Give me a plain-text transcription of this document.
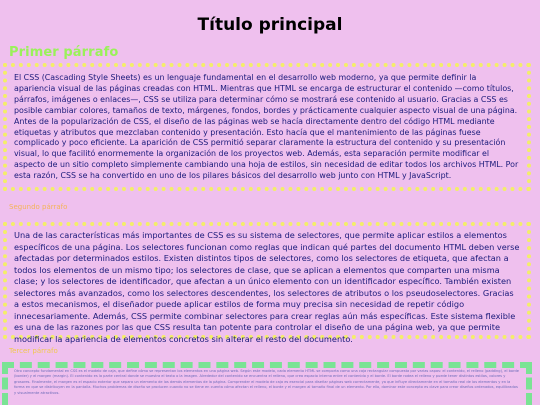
Título principal
Primer párrafo

El CSS (Cascading Style Sheets) es un lenguaje fundamental en el desarrollo web moderno, ya que permite definir la apariencia visual de las páginas creadas con HTML. Mientras que HTML se encarga de estructurar el contenido —como títulos, párrafos, imágenes o enlaces—, CSS se utiliza para determinar cómo se mostrará ese contenido al usuario. Gracias a CSS es posible cambiar colores, tamaños de texto, márgenes, fondos, bordes y prácticamente cualquier aspecto visual de una página. Antes de la popularización de CSS, el diseño de las páginas web se hacía directamente dentro del código HTML mediante etiquetas y atributos que mezclaban contenido y presentación. Esto hacía que el mantenimiento de las páginas fuese complicado y poco eficiente. La aparición de CSS permitió separar claramente la estructura del contenido y su presentación visual, lo que facilitó enormemente la organización de los proyectos web. Además, esta separación permite modificar el aspecto de un sitio completo simplemente cambiando una hoja de estilos, sin necesidad de editar todos los archivos HTML. Por esta razón, CSS se ha convertido en uno de los pilares básicos del desarrollo web junto con HTML y JavaScript.

Segundo párrafo

Una de las características más importantes de CSS es su sistema de selectores, que permite aplicar estilos a elementos específicos de una página. Los selectores funcionan como reglas que indican qué partes del documento HTML deben verse afectadas por determinados estilos. Existen distintos tipos de selectores, como los selectores de etiqueta, que afectan a todos los elementos de un mismo tipo; los selectores de clase, que se aplican a elementos que comparten una misma clase; y los selectores de identificador, que afectan a un único elemento con un identificador específico. También existen selectores más avanzados, como los selectores descendentes, los selectores de atributos o los pseudoselectores. Gracias a estos mecanismos, el diseñador puede aplicar estilos de forma muy precisa sin necesidad de repetir código innecesariamente. Además, CSS permite combinar selectores para crear reglas aún más específicas. Este sistema flexible es una de las razones por las que CSS resulta tan potente para controlar el diseño de una página web, ya que permite modificar la apariencia de elementos concretos sin alterar el resto del documento.

Tercer párrafo

Otro concepto fundamental en CSS es el modelo de caja, que define cómo se representan los elementos en una página web. Según este modelo, cada elemento HTML se comporta como una caja rectangular compuesta por varias capas: el contenido, el relleno (padding), el borde (border) y el margen (margin). El contenido es la parte central donde se muestra el texto o la imagen. Alrededor del contenido se encuentra el relleno, que crea espacio interno entre el contenido y el borde. El borde rodea el relleno y puede tener distintos estilos, colores y grosores. Finalmente, el margen es el espacio exterior que separa un elemento de los demás elementos de la página. Comprender el modelo de caja es esencial para diseñar páginas web correctamente, ya que influye directamente en el tamaño real de los elementos y en la forma en que se distribuyen en la pantalla. Muchos problemas de diseño se producen cuando no se tiene en cuenta cómo afectan el relleno, el borde y el margen al tamaño final de un elemento. Por ello, dominar este concepto es clave para crear diseños ordenados, equilibrados y visualmente atractivos.
